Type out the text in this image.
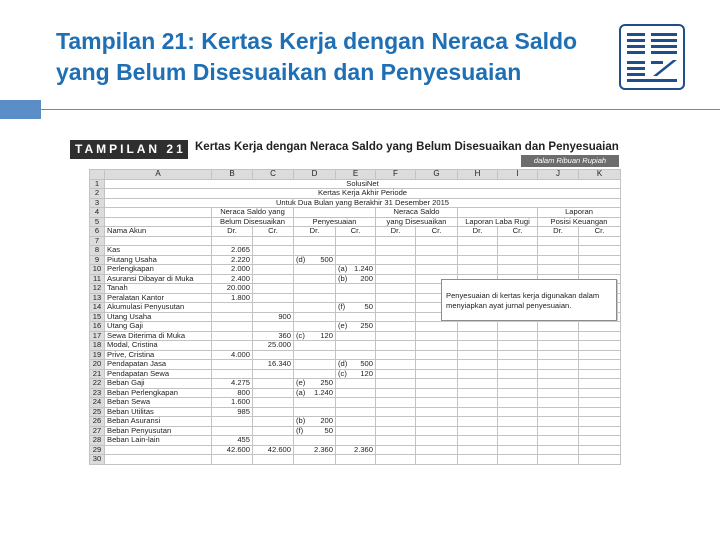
Tampilan 21: Kertas Kerja dengan Neraca Saldo yang Belum Disesuaikan dan Penyesuaian
TAMPILAN 21 Kertas Kerja dengan Neraca Saldo yang Belum Disesuaikan dan Penyesuaian
dalam Ribuan Rupiah
	A	B	C	D	E	F	G	H	I	J	K
1	SolusiNet										
2	Kertas Kerja Akhir Periode										
3	Untuk Dua Bulan yang Berakhir 31 Desember 2015										
4		Neraca Saldo yang				Neraca Saldo				Laporan	
5		Belum Disesuaikan		Penyesuaian		yang Disesuaikan		Laporan Laba Rugi		Posisi Keuangan	
6	Nama Akun	Dr.	Cr.	Dr.	Cr.	Dr.	Cr.	Dr.	Cr.	Dr.	Cr.
7											
8	Kas	2.065		

9	Piutang Usaha	2.220		(d) 500							

10	Perlengkapan	2.000			(a) 1.240						

11	Asuransi Dibayar di Muka	2.400			(b) 200						

12	Tanah	20.000		

13	Peralatan Kantor	1.800		

14	Akumulasi Penyusutan				(f) 50						

15	Utang Usaha		900	

16	Utang Gaji				(e) 250						

17	Sewa Diterima di Muka		360	(c) 120							

18	Modal, Cristina		25.000	

19	Prive, Cristina	4.000		

20	Pendapatan Jasa		16.340		(d) 500						

21	Pendapatan Sewa				(c) 120						

22	Beban Gaji	4.275		(e) 250							

23	Beban Perlengkapan	800		(a) 1.240							

24	Beban Sewa	1.600		

25	Beban Utilitas	985		

26	Beban Asuransi			(b) 200							

27	Beban Penyusutan			(f) 50							

28	Beban Lain-lain	455		

29		42.600	42.600	2.360	2.360						
30											
Penyesuaian di kertas kerja digunakan dalam menyiapkan ayat jurnal penyesuaian.
